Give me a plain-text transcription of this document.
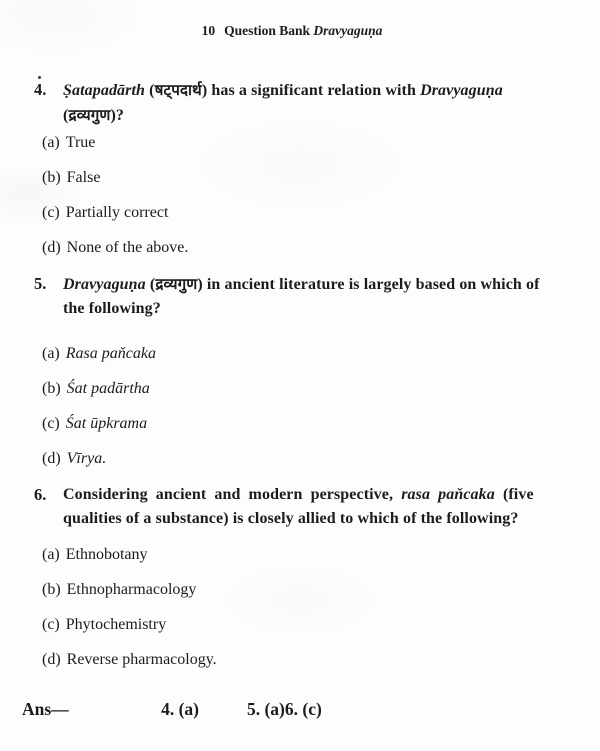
10 Question Bank Dravyaguṇa
4.	Ṣatapadārth (षट्पदार्थ) has a significant relation with Dravyaguṇa
(द्रव्यगुण)?
(a) True
(b) False
(c) Partially correct
(d) None of the above.
5.	Dravyaguṇa (द्रव्यगुण) in ancient literature is largely based on which of
the following?
(a) Rasa paňcaka
(b) Śat padārtha
(c) Śat ūpkrama
(d) Vīrya.
6.	Considering ancient and modern perspective, rasa paňcaka (five
qualities of a substance) is closely allied to which of the following?
(a) Ethnobotany
(b) Ethnopharmacology
(c) Phytochemistry
(d) Reverse pharmacology.
Ans—	4. (a)	5. (a)6. (c)
